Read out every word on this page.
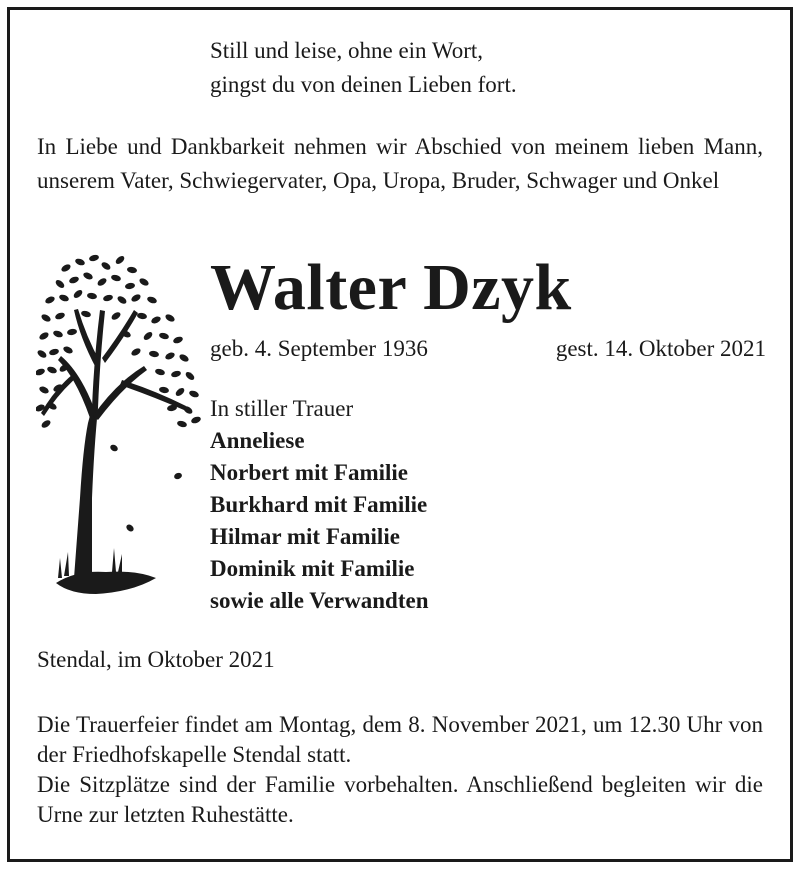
Still und leise, ohne ein Wort,
gingst du von deinen Lieben fort.
In Liebe und Dankbarkeit nehmen wir Abschied von meinem lieben Mann, unserem Vater, Schwiegervater, Opa, Uropa, Bruder, Schwager und Onkel
Walter Dzyk
geb. 4. September 1936	gest. 14. Oktober 2021
In stiller Trauer
Anneliese
Norbert mit Familie
Burkhard mit Familie
Hilmar mit Familie
Dominik mit Familie
sowie alle Verwandten
Stendal, im Oktober 2021

Die Trauerfeier findet am Montag, dem 8. November 2021, um 12.30 Uhr von der Friedhofskapelle Stendal statt.

Die Sitzplätze sind der Familie vorbehalten. Anschließend begleiten wir die Urne zur letzten Ruhestätte.
